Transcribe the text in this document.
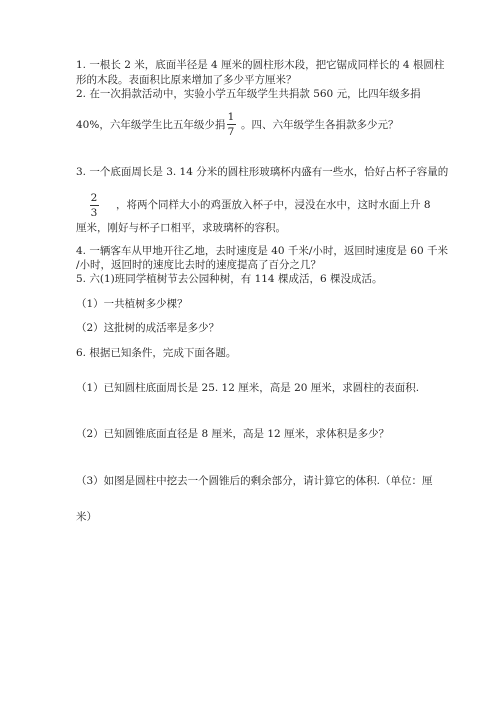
1. 一根长 2 米，底面半径是 4 厘米的圆柱形木段，把它锯成同样长的 4 根圆柱
形的木段。表面积比原来增加了多少平方厘米？
2. 在一次捐款活动中，实验小学五年级学生共捐款 560 元，比四年级多捐
40%，六年级学生比五年级少捐
1
7
。四、六年级学生各捐款多少元？
3. 一个底面周长是 3. 14 分米的圆柱形玻璃杯内盛有一些水，恰好占杯子容量的
2
3
，将两个同样大小的鸡蛋放入杯子中，浸没在水中，这时水面上升 8
厘米，刚好与杯子口相平，求玻璃杯的容积。
4. 一辆客车从甲地开往乙地，去时速度是 40 千米/小时，返回时速度是 60 千米
/小时，返回时的速度比去时的速度提高了百分之几？
5. 六(1)班同学植树节去公园种树，有 114 棵成活，6 棵没成活。
（1）一共植树多少棵？
（2）这批树的成活率是多少？
6. 根据已知条件，完成下面各题。
（1）已知圆柱底面周长是 25. 12 厘米，高是 20 厘米，求圆柱的表面积.
（2）已知圆锥底面直径是 8 厘米，高是 12 厘米，求体积是多少？
（3）如图是圆柱中挖去一个圆锥后的剩余部分，请计算它的体积.（单位：厘
米）
